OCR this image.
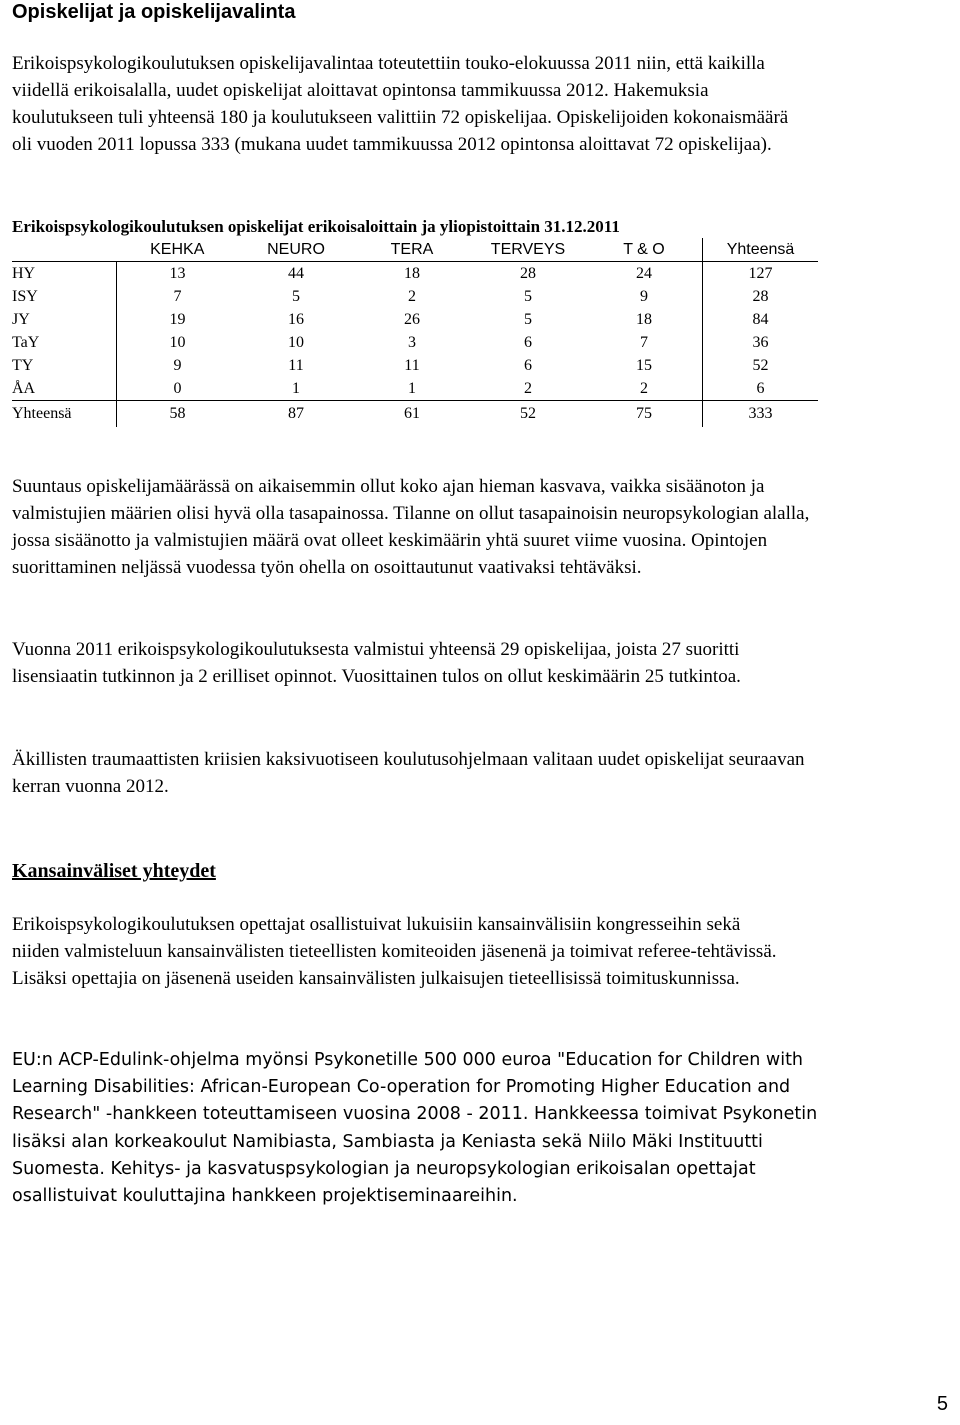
Opiskelijat ja opiskelijavalinta
Erikoispsykologikoulutuksen opiskelijavalintaa toteutettiin touko-elokuussa 2011 niin, että kaikilla viidellä erikoisalalla, uudet opiskelijat aloittavat opintonsa tammikuussa 2012. Hakemuksia koulutukseen tuli yhteensä 180 ja koulutukseen valittiin 72 opiskelijaa. Opiskelijoiden kokonaismäärä oli vuoden 2011 lopussa 333 (mukana uudet tammikuussa 2012 opintonsa aloittavat 72 opiskelijaa).
Erikoispsykologikoulutuksen opiskelijat erikoisaloittain ja yliopistoittain 31.12.2011
	KEHKA	NEURO	TERA	TERVEYS	T & O	Yhteensä
HY	13	44	18	28	24	127
ISY	7	5	2	5	9	28
JY	19	16	26	5	18	84
TaY	10	10	3	6	7	36
TY	9	11	11	6	15	52
ÅA	0	1	1	2	2	6
Yhteensä	58	87	61	52	75	333
Suuntaus opiskelijamäärässä on aikaisemmin ollut koko ajan hieman kasvava, vaikka sisäänoton ja valmistujien määrien olisi hyvä olla tasapainossa. Tilanne on ollut tasapainoisin neuropsykologian alalla, jossa sisäänotto ja valmistujien määrä ovat olleet keskimäärin yhtä suuret viime vuosina. Opintojen suorittaminen neljässä vuodessa työn ohella on osoittautunut vaativaksi tehtäväksi.
Vuonna 2011 erikoispsykologikoulutuksesta valmistui yhteensä 29 opiskelijaa, joista 27 suoritti lisensiaatin tutkinnon ja 2 erilliset opinnot. Vuosittainen tulos on ollut keskimäärin 25 tutkintoa.
Äkillisten traumaattisten kriisien kaksivuotiseen koulutusohjelmaan valitaan uudet opiskelijat seuraavan kerran vuonna 2012.
Kansainväliset yhteydet
Erikoispsykologikoulutuksen opettajat osallistuivat lukuisiin kansainvälisiin kongresseihin sekä niiden valmisteluun kansainvälisten tieteellisten komiteoiden jäsenenä ja toimivat referee-tehtävissä. Lisäksi opettajia on jäsenenä useiden kansainvälisten julkaisujen tieteellisissä toimituskunnissa.
EU:n ACP-Edulink-ohjelma myönsi Psykonetille 500 000 euroa "Education for Children with Learning Disabilities: African-European Co-operation for Promoting Higher Education and Research" -hankkeen toteuttamiseen vuosina 2008 - 2011. Hankkeessa toimivat Psykonetin lisäksi alan korkeakoulut Namibiasta, Sambiasta ja Keniasta sekä Niilo Mäki Instituutti Suomesta. Kehitys- ja kasvatuspsykologian ja neuropsykologian erikoisalan opettajat osallistuivat kouluttajina hankkeen projektiseminaareihin.
5
